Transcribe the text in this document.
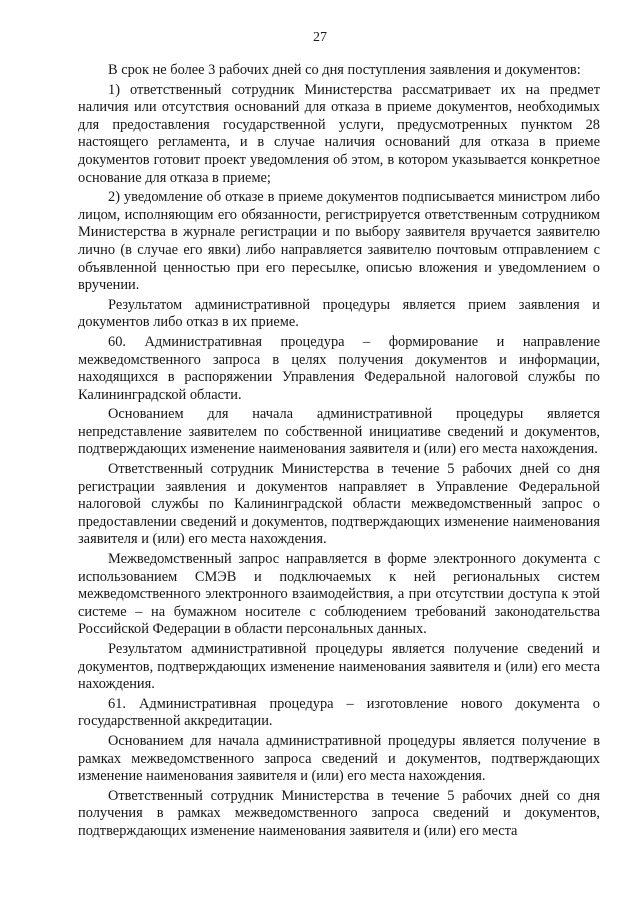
27

В срок не более 3 рабочих дней со дня поступления заявления и документов:

1) ответственный сотрудник Министерства рассматривает их на предмет наличия или отсутствия оснований для отказа в приеме документов, необходимых для предоставления государственной услуги, предусмотренных пунктом 28 настоящего регламента, и в случае наличия оснований для отказа в приеме документов готовит проект уведомления об этом, в котором указывается конкретное основание для отказа в приеме;

2) уведомление об отказе в приеме документов подписывается министром либо лицом, исполняющим его обязанности, регистрируется ответственным сотрудником Министерства в журнале регистрации и по выбору заявителя вручается заявителю лично (в случае его явки) либо направляется заявителю почтовым отправлением с объявленной ценностью при его пересылке, описью вложения и уведомлением о вручении.

Результатом административной процедуры является прием заявления и документов либо отказ в их приеме.

60. Административная процедура – формирование и направление межведомственного запроса в целях получения документов и информации, находящихся в распоряжении Управления Федеральной налоговой службы по Калининградской области.

Основанием для начала административной процедуры является непредставление заявителем по собственной инициативе сведений и документов, подтверждающих изменение наименования заявителя и (или) его места нахождения.

Ответственный сотрудник Министерства в течение 5 рабочих дней со дня регистрации заявления и документов направляет в Управление Федеральной налоговой службы по Калининградской области межведомственный запрос о предоставлении сведений и документов, подтверждающих изменение наименования заявителя и (или) его места нахождения.

Межведомственный запрос направляется в форме электронного документа с использованием СМЭВ и подключаемых к ней региональных систем межведомственного электронного взаимодействия, а при отсутствии доступа к этой системе – на бумажном носителе с соблюдением требований законодательства Российской Федерации в области персональных данных.

Результатом административной процедуры является получение сведений и документов, подтверждающих изменение наименования заявителя и (или) его места нахождения.

61. Административная процедура – изготовление нового документа о государственной аккредитации.

Основанием для начала административной процедуры является получение в рамках межведомственного запроса сведений и документов, подтверждающих изменение наименования заявителя и (или) его места нахождения.

Ответственный сотрудник Министерства в течение 5 рабочих дней со дня получения в рамках межведомственного запроса сведений и документов, подтверждающих изменение наименования заявителя и (или) его места
